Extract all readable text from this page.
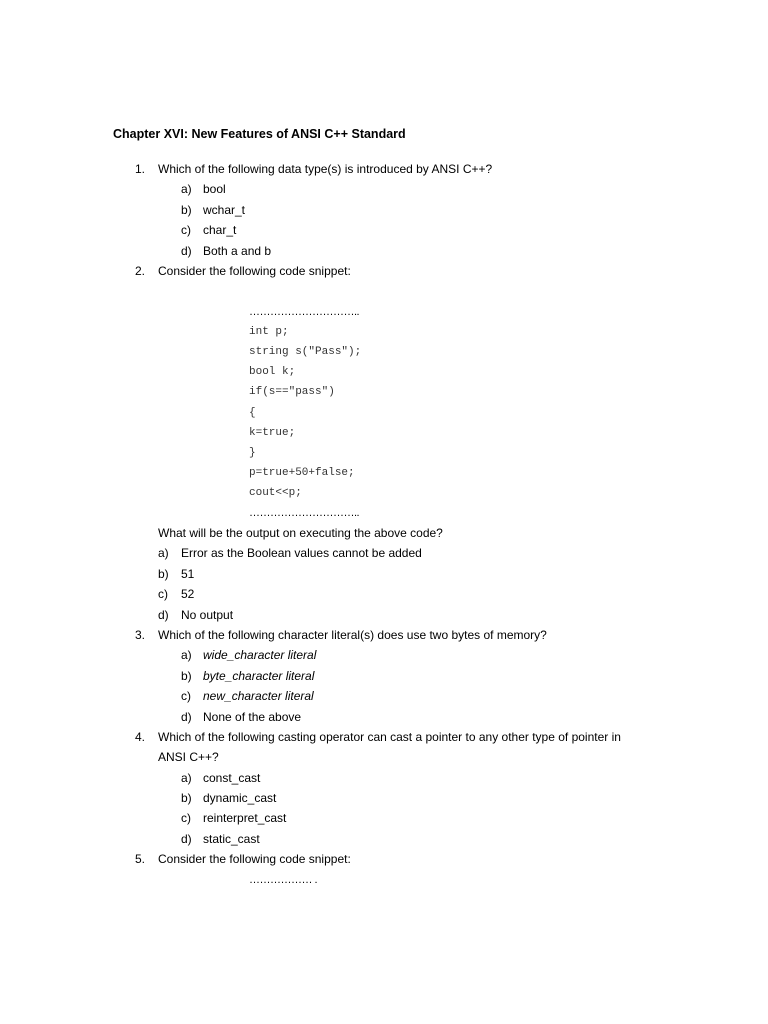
Chapter XVI: New Features of ANSI C++ Standard
1. Which of the following data type(s) is introduced by ANSI C++?
a) bool
b) wchar_t
c) char_t
d) Both a and b
2. Consider the following code snippet:
…………………………..
int p;
string s("Pass");
bool k;
if(s=="pass")
{
k=true;
}
p=true+50+false;
cout<<p;
…………………………..
What will be the output on executing the above code?
a) Error as the Boolean values cannot be added
b) 51
c) 52
d) No output
3. Which of the following character literal(s) does use two bytes of memory?
a) wide_character literal
b) byte_character literal
c) new_character literal
d) None of the above
4. Which of the following casting operator can cast a pointer to any other type of pointer in
ANSI C++?
a) const_cast
b) dynamic_cast
c) reinterpret_cast
d) static_cast
5. Consider the following code snippet:
……………… .
